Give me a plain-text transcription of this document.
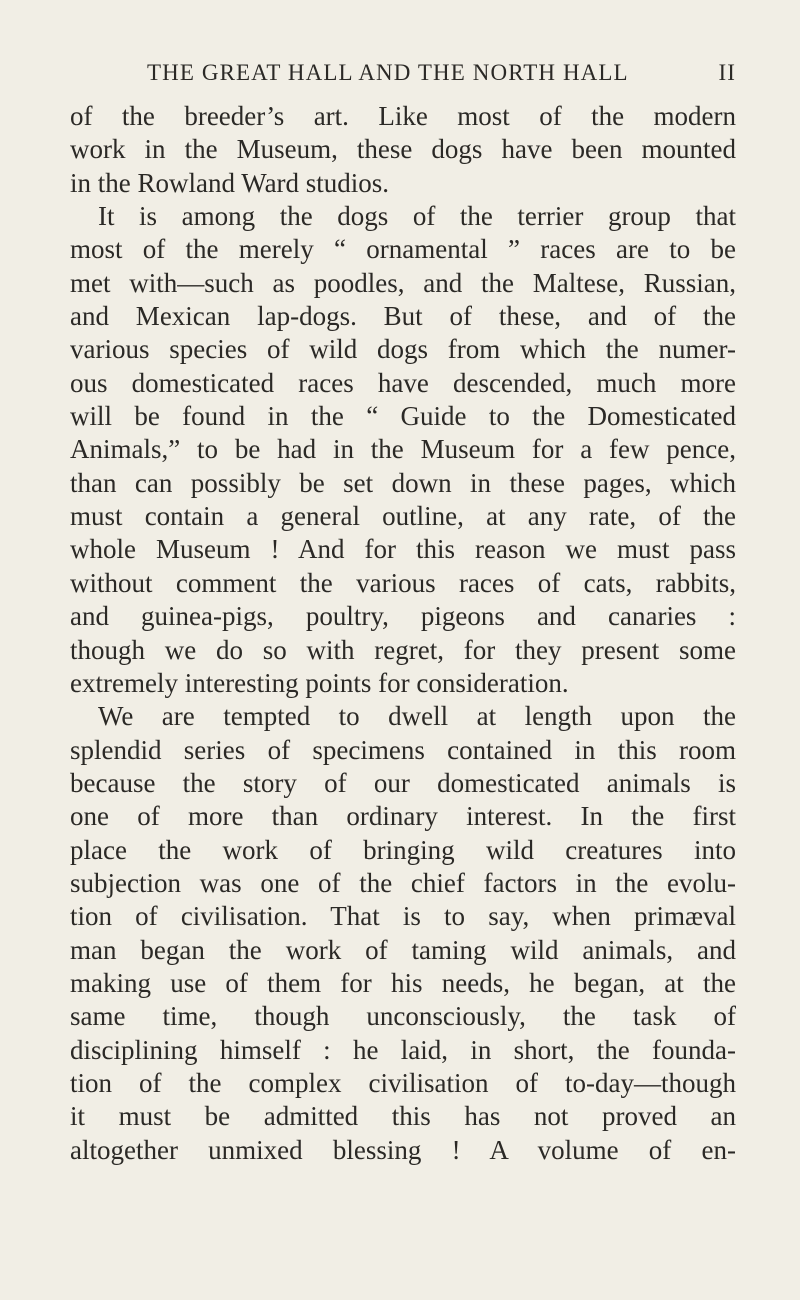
THE GREAT HALL AND THE NORTH HALL	II
of the breeder’s art. Like most of the modern
work in the Museum, these dogs have been mounted
in the Rowland Ward studios.
It is among the dogs of the terrier group that
most of the merely “ ornamental ” races are to be
met with—such as poodles, and the Maltese, Russian,
and Mexican lap-dogs. But of these, and of the
various species of wild dogs from which the numer-
ous domesticated races have descended, much more
will be found in the “ Guide to the Domesticated
Animals,” to be had in the Museum for a few pence,
than can possibly be set down in these pages, which
must contain a general outline, at any rate, of the
whole Museum ! And for this reason we must pass
without comment the various races of cats, rabbits,
and guinea-pigs, poultry, pigeons and canaries :
though we do so with regret, for they present some
extremely interesting points for consideration.
We are tempted to dwell at length upon the
splendid series of specimens contained in this room
because the story of our domesticated animals is
one of more than ordinary interest. In the first
place the work of bringing wild creatures into
subjection was one of the chief factors in the evolu-
tion of civilisation. That is to say, when primæval
man began the work of taming wild animals, and
making use of them for his needs, he began, at the
same time, though unconsciously, the task of
disciplining himself : he laid, in short, the founda-
tion of the complex civilisation of to-day—though
it must be admitted this has not proved an
altogether unmixed blessing ! A volume of en-
